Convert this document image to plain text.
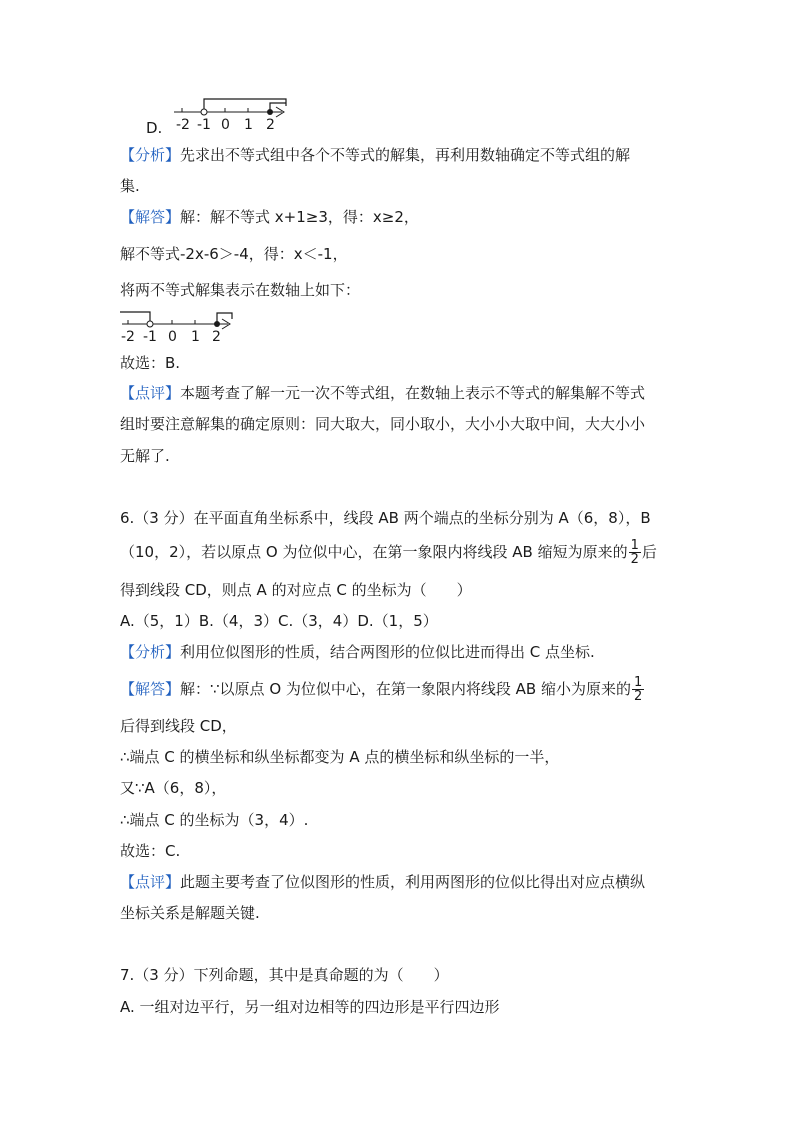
D. -2 -1 0 1 2
【分析】先求出不等式组中各个不等式的解集，再利用数轴确定不等式组的解
集.
【解答】解：解不等式 x+1≥3，得：x≥2，
解不等式-2x-6＞-4，得：x＜-1，
将两不等式解集表示在数轴上如下：
-2 -1 0 1 2
故选：B.
【点评】本题考查了解一元一次不等式组，在数轴上表示不等式的解集解不等式
组时要注意解集的确定原则：同大取大，同小取小，大小小大取中间，大大小小
无解了.
6.（3 分）在平面直角坐标系中，线段 AB 两个端点的坐标分别为 A（6，8），B
（10，2），若以原点 O 为位似中心，在第一象限内将线段 AB 缩短为原来的 $\frac{1}{2}$ 后
得到线段 CD，则点 A 的对应点 C 的坐标为（　　）
A.（5，1）B.（4，3）C.（3，4）D.（1，5）
【分析】利用位似图形的性质，结合两图形的位似比进而得出 C 点坐标.
【解答】解：∵以原点 O 为位似中心，在第一象限内将线段 AB 缩小为原来的 $\frac{1}{2}$
后得到线段 CD，
∴端点 C 的横坐标和纵坐标都变为 A 点的横坐标和纵坐标的一半，
又∵A（6，8），
∴端点 C 的坐标为（3，4）.
故选：C.
【点评】此题主要考查了位似图形的性质，利用两图形的位似比得出对应点横纵
坐标关系是解题关键.
7.（3 分）下列命题，其中是真命题的为（　　）
A. 一组对边平行，另一组对边相等的四边形是平行四边形
